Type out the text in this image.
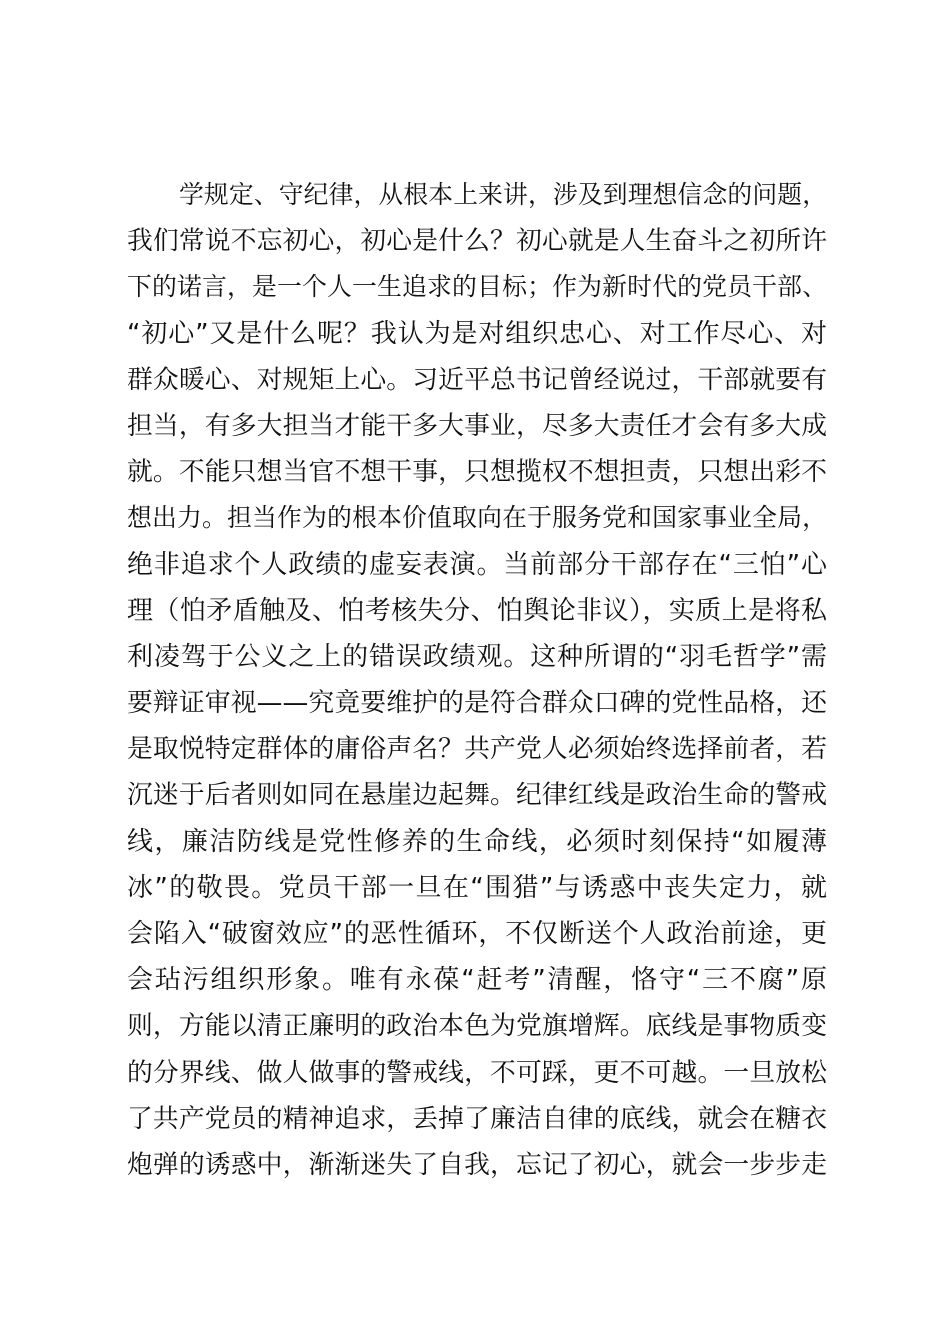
学规定、守纪律，从根本上来讲，涉及到理想信念的问题，
我们常说不忘初心，初心是什么？初心就是人生奋斗之初所许
下的诺言，是一个人一生追求的目标；作为新时代的党员干部、
“初心”又是什么呢？我认为是对组织忠心、对工作尽心、对
群众暖心、对规矩上心。习近平总书记曾经说过，干部就要有
担当，有多大担当才能干多大事业，尽多大责任才会有多大成
就。不能只想当官不想干事，只想揽权不想担责，只想出彩不
想出力。担当作为的根本价值取向在于服务党和国家事业全局，
绝非追求个人政绩的虚妄表演。当前部分干部存在“三怕”心
理（怕矛盾触及、怕考核失分、怕舆论非议），实质上是将私
利凌驾于公义之上的错误政绩观。这种所谓的“羽毛哲学”需
要辩证审视——究竟要维护的是符合群众口碑的党性品格，还
是取悦特定群体的庸俗声名？共产党人必须始终选择前者，若
沉迷于后者则如同在悬崖边起舞。纪律红线是政治生命的警戒
线，廉洁防线是党性修养的生命线，必须时刻保持“如履薄
冰”的敬畏。党员干部一旦在“围猎”与诱惑中丧失定力，就
会陷入“破窗效应”的恶性循环，不仅断送个人政治前途，更
会玷污组织形象。唯有永葆“赶考”清醒，恪守“三不腐”原
则，方能以清正廉明的政治本色为党旗增辉。底线是事物质变
的分界线、做人做事的警戒线，不可踩，更不可越。一旦放松
了共产党员的精神追求，丢掉了廉洁自律的底线，就会在糖衣
炮弹的诱惑中，渐渐迷失了自我，忘记了初心，就会一步步走
